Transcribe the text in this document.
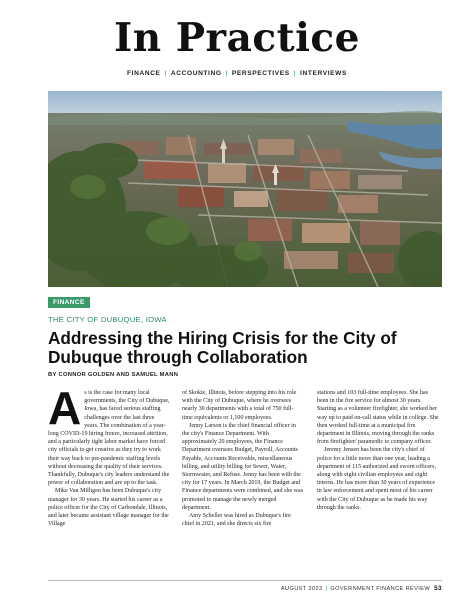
In Practice
FINANCE | ACCOUNTING | PERSPECTIVES | INTERVIEWS
FINANCE
THE CITY OF DUBUQUE, IOWA
Addressing the Hiring Crisis for the City of Dubuque through Collaboration
BY CONNOR GOLDEN AND SAMUEL MANN
A s is the case for many local governments, the City of Dubuque, Iowa, has faced serious staffing challenges over the last three years. The combination of a year-long COVID-19 hiring freeze, increased attrition, and a particularly tight labor market have forced city officials to get creative as they try to work their way back to pre-pandemic staffing levels without decreasing the quality of their services. Thankfully, Dubuque's city leaders understand the power of collaboration and are up to the task.

Mike Van Milligen has been Dubuque's city manager for 30 years. He started his career as a police officer for the City of Carbondale, Illinois, and later became assistant village manager for the Village

of Skokie, Illinois, before stepping into his role with the City of Dubuque, where he oversees nearly 30 departments with a total of 750 full-time equivalents or 1,100 employees.

Jenny Larson is the chief financial officer in the city's Finance Department. With approximately 20 employees, the Finance Department oversees Budget, Payroll, Accounts Payable, Accounts Receivable, miscellaneous billing, and utility billing for Sewer, Water, Stormwater, and Refuse. Jenny has been with the city for 17 years. In March 2019, the Budget and Finance departments were combined, and she was promoted to manage the newly merged department.

Amy Scheller was hired as Dubuque's fire chief in 2021, and she directs six fire

stations and 103 full-time employees. She has been in the fire service for almost 30 years. Starting as a volunteer firefighter, she worked her way up to paid on-call status while in college. She then worked full-time at a municipal fire department in Illinois, moving through the ranks from firefighter/ paramedic to company officer.

Jeremy Jensen has been the city's chief of police for a little more than one year, leading a department of 115 authorized and sworn officers, along with eight civilian employees and eight interns. He has more than 30 years of experience in law enforcement and spent most of his career with the City of Dubuque as he made his way through the ranks.

AUGUST 2023 | GOVERNMENT FINANCE REVIEW 53
